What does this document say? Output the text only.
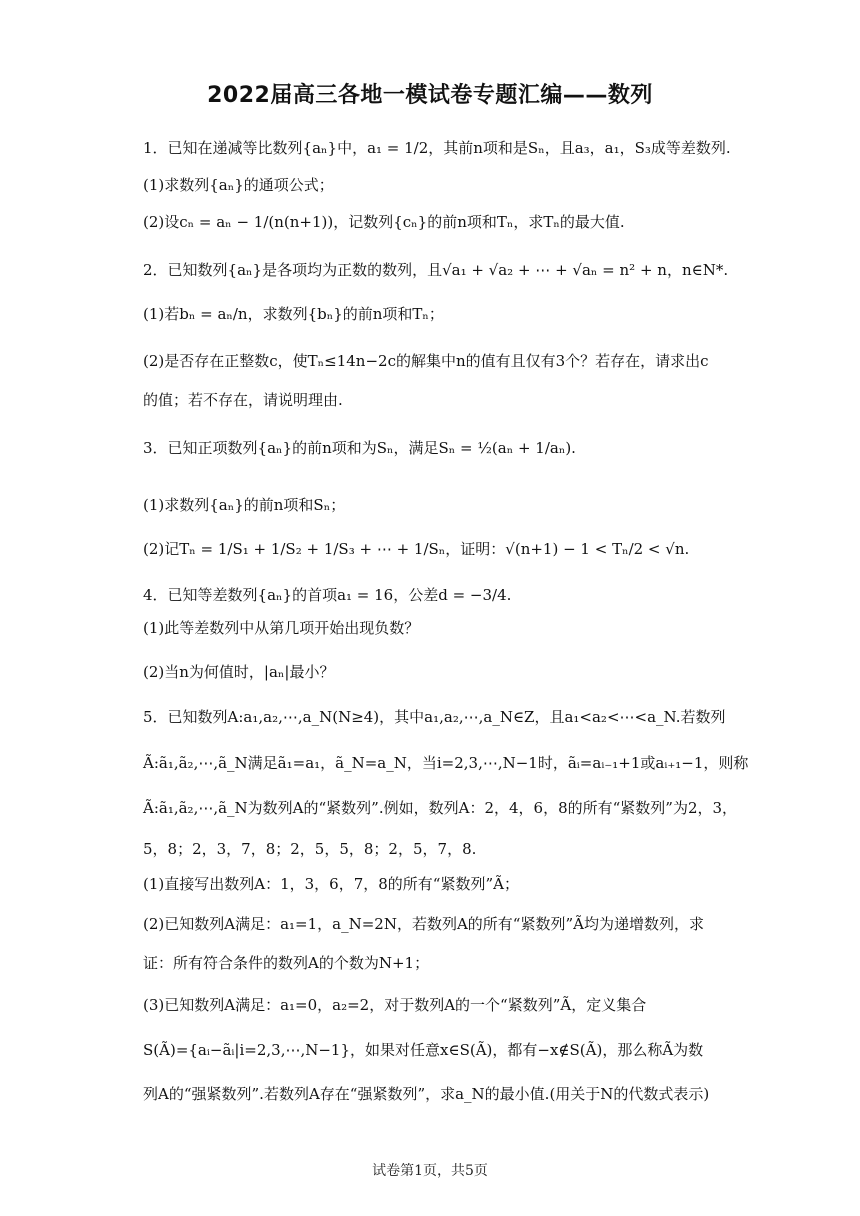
2022届高三各地一模试卷专题汇编——数列
1．已知在递减等比数列{aₙ}中，a₁ = 1/2，其前n项和是Sₙ，且a₃，a₁，S₃成等差数列.
(1)求数列{aₙ}的通项公式；
(2)设cₙ = aₙ − 1/(n(n+1))，记数列{cₙ}的前n项和Tₙ，求Tₙ的最大值.
2．已知数列{aₙ}是各项均为正数的数列，且√a₁ + √a₂ + ⋯ + √aₙ = n² + n，n∈N*.
(1)若bₙ = aₙ/n，求数列{bₙ}的前n项和Tₙ；
(2)是否存在正整数c，使Tₙ≤14n−2c的解集中n的值有且仅有3个？若存在，请求出c
的值；若不存在，请说明理由.
3．已知正项数列{aₙ}的前n项和为Sₙ，满足Sₙ = ½(aₙ + 1/aₙ).
(1)求数列{aₙ}的前n项和Sₙ；
(2)记Tₙ = 1/S₁ + 1/S₂ + 1/S₃ + ⋯ + 1/Sₙ，证明：√(n+1) − 1 < Tₙ/2 < √n.
4．已知等差数列{aₙ}的首项a₁ = 16，公差d = −3/4.
(1)此等差数列中从第几项开始出现负数？
(2)当n为何值时，|aₙ|最小？
5．已知数列A:a₁,a₂,⋯,a_N(N≥4)，其中a₁,a₂,⋯,a_N∈Z，且a₁<a₂<⋯<a_N.若数列
Ã:ã₁,ã₂,⋯,ã_N满足ã₁=a₁，ã_N=a_N，当i=2,3,⋯,N−1时，ãᵢ=aᵢ₋₁+1或aᵢ₊₁−1，则称
Ã:ã₁,ã₂,⋯,ã_N为数列A的“紧数列”.例如，数列A：2，4，6，8的所有“紧数列”为2，3，
5，8；2，3，7，8；2，5，5，8；2，5，7，8.
(1)直接写出数列A：1，3，6，7，8的所有“紧数列”Ã；
(2)已知数列A满足：a₁=1，a_N=2N，若数列A的所有“紧数列”Ã均为递增数列，求
证：所有符合条件的数列A的个数为N+1；
(3)已知数列A满足：a₁=0，a₂=2，对于数列A的一个“紧数列”Ã，定义集合
S(Ã)={aᵢ−ãᵢ|i=2,3,⋯,N−1}，如果对任意x∈S(Ã)，都有−x∉S(Ã)，那么称Ã为数
列A的“强紧数列”.若数列A存在“强紧数列”，求a_N的最小值.(用关于N的代数式表示)
试卷第1页，共5页
